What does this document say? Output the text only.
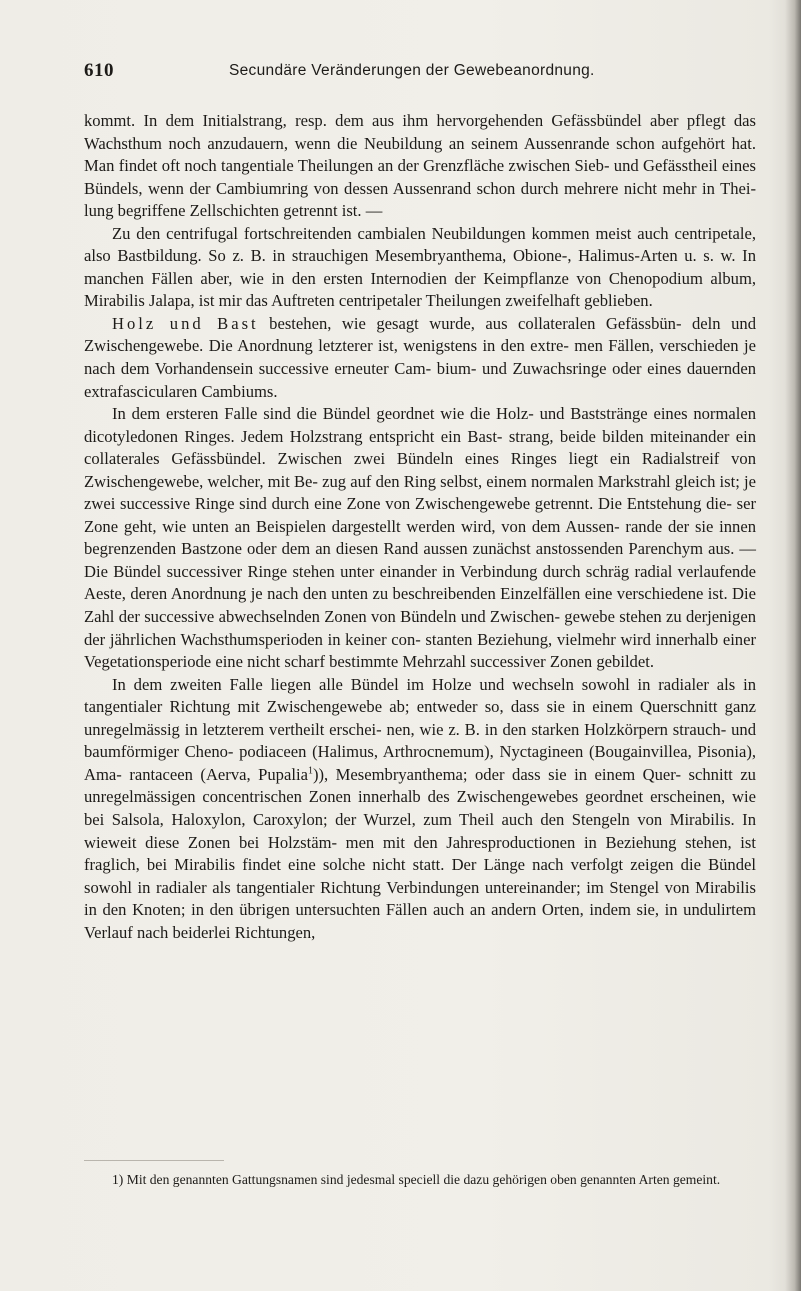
610	Secundäre Veränderungen der Gewebeanordnung.

kommt. In dem Initialstrang, resp. dem aus ihm hervorgehenden Gefässbündel aber pflegt das Wachsthum noch anzudauern, wenn die Neubildung an seinem Aussenrande schon aufgehört hat. Man findet oft noch tangentiale Theilungen an der Grenzfläche zwischen Sieb- und Gefässtheil eines Bündels, wenn der Cambiumring von dessen Aussenrand schon durch mehrere nicht mehr in Thei- lung begriffene Zellschichten getrennt ist. —

Zu den centrifugal fortschreitenden cambialen Neubildungen kommen meist auch centripetale, also Bastbildung. So z. B. in strauchigen Mesembryanthema, Obione-, Halimus-Arten u. s. w. In manchen Fällen aber, wie in den ersten Internodien der Keimpflanze von Chenopodium album, Mirabilis Jalapa, ist mir das Auftreten centripetaler Theilungen zweifelhaft geblieben.

Holz und Bast bestehen, wie gesagt wurde, aus collateralen Gefässbün- deln und Zwischengewebe. Die Anordnung letzterer ist, wenigstens in den extre- men Fällen, verschieden je nach dem Vorhandensein successive erneuter Cam- bium- und Zuwachsringe oder eines dauernden extrafascicularen Cambiums.

In dem ersteren Falle sind die Bündel geordnet wie die Holz- und Baststränge eines normalen dicotyledonen Ringes. Jedem Holzstrang entspricht ein Bast- strang, beide bilden miteinander ein collaterales Gefässbündel. Zwischen zwei Bündeln eines Ringes liegt ein Radialstreif von Zwischengewebe, welcher, mit Be- zug auf den Ring selbst, einem normalen Markstrahl gleich ist; je zwei successive Ringe sind durch eine Zone von Zwischengewebe getrennt. Die Entstehung die- ser Zone geht, wie unten an Beispielen dargestellt werden wird, von dem Aussen- rande der sie innen begrenzenden Bastzone oder dem an diesen Rand aussen zunächst anstossenden Parenchym aus. — Die Bündel successiver Ringe stehen unter einander in Verbindung durch schräg radial verlaufende Aeste, deren Anordnung je nach den unten zu beschreibenden Einzelfällen eine verschiedene ist. Die Zahl der successive abwechselnden Zonen von Bündeln und Zwischen- gewebe stehen zu derjenigen der jährlichen Wachsthumsperioden in keiner con- stanten Beziehung, vielmehr wird innerhalb einer Vegetationsperiode eine nicht scharf bestimmte Mehrzahl successiver Zonen gebildet.

In dem zweiten Falle liegen alle Bündel im Holze und wechseln sowohl in radialer als in tangentialer Richtung mit Zwischengewebe ab; entweder so, dass sie in einem Querschnitt ganz unregelmässig in letzterem vertheilt erschei- nen, wie z. B. in den starken Holzkörpern strauch- und baumförmiger Cheno- podiaceen (Halimus, Arthrocnemum), Nyctagineen (Bougainvillea, Pisonia), Ama- rantaceen (Aerva, Pupalia$^1$)), Mesembryanthema; oder dass sie in einem Quer- schnitt zu unregelmässigen concentrischen Zonen innerhalb des Zwischengewebes geordnet erscheinen, wie bei Salsola, Haloxylon, Caroxylon; der Wurzel, zum Theil auch den Stengeln von Mirabilis. In wieweit diese Zonen bei Holzstäm- men mit den Jahresproductionen in Beziehung stehen, ist fraglich, bei Mirabilis findet eine solche nicht statt. Der Länge nach verfolgt zeigen die Bündel sowohl in radialer als tangentialer Richtung Verbindungen untereinander; im Stengel von Mirabilis in den Knoten; in den übrigen untersuchten Fällen auch an andern Orten, indem sie, in undulirtem Verlauf nach beiderlei Richtungen,

1) Mit den genannten Gattungsnamen sind jedesmal speciell die dazu gehörigen oben genannten Arten gemeint.
